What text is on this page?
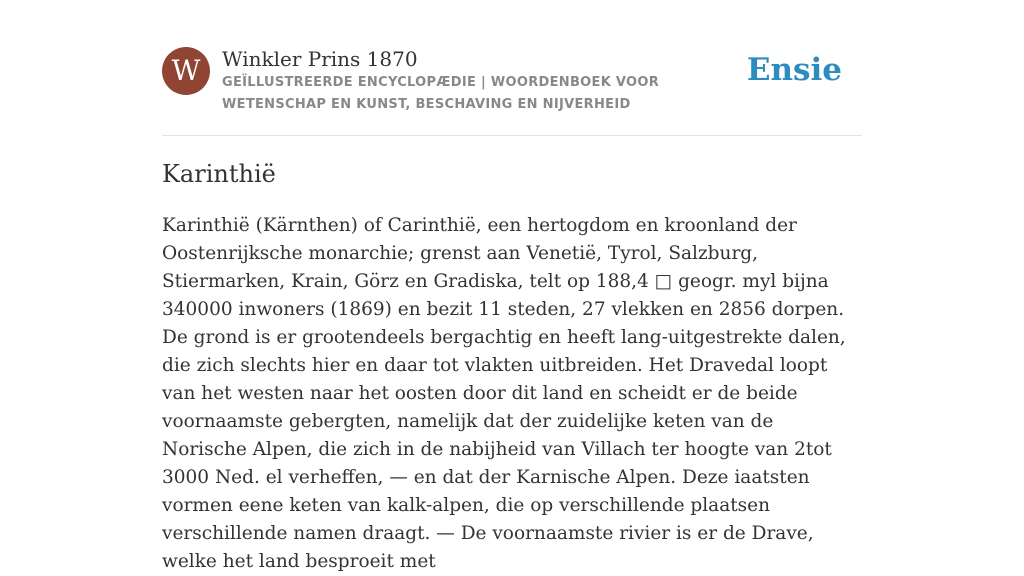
W	Winkler Prins 1870
GEÏLLUSTREERDE ENCYCLOPÆDIE | WOORDENBOEK VOOR WETENSCHAP EN KUNST, BESCHAVING EN NIJVERHEID
Ensie
Karinthië

Karinthië (Kärnthen) of Carinthië, een hertogdom en kroonland der Oostenrijksche monarchie; grenst aan Venetië, Tyrol, Salzburg, Stiermarken, Krain, Görz en Gradiska, telt op 188,4 □ geogr. myl bijna 340000 inwoners (1869) en bezit 11 steden, 27 vlekken en 2856 dorpen. De grond is er grootendeels bergachtig en heeft lang-uitgestrekte dalen, die zich slechts hier en daar tot vlakten uitbreiden. Het Dravedal loopt van het westen naar het oosten door dit land en scheidt er de beide voornaamste gebergten, namelijk dat der zuidelijke keten van de Norische Alpen, die zich in de nabijheid van Villach ter hoogte van 2tot 3000 Ned. el verheffen, — en dat der Karnische Alpen. Deze iaatsten vormen eene keten van kalk-alpen, die op verschillende plaatsen verschillende namen draagt. — De voornaamste rivier is er de Drave, welke het land besproeit met
